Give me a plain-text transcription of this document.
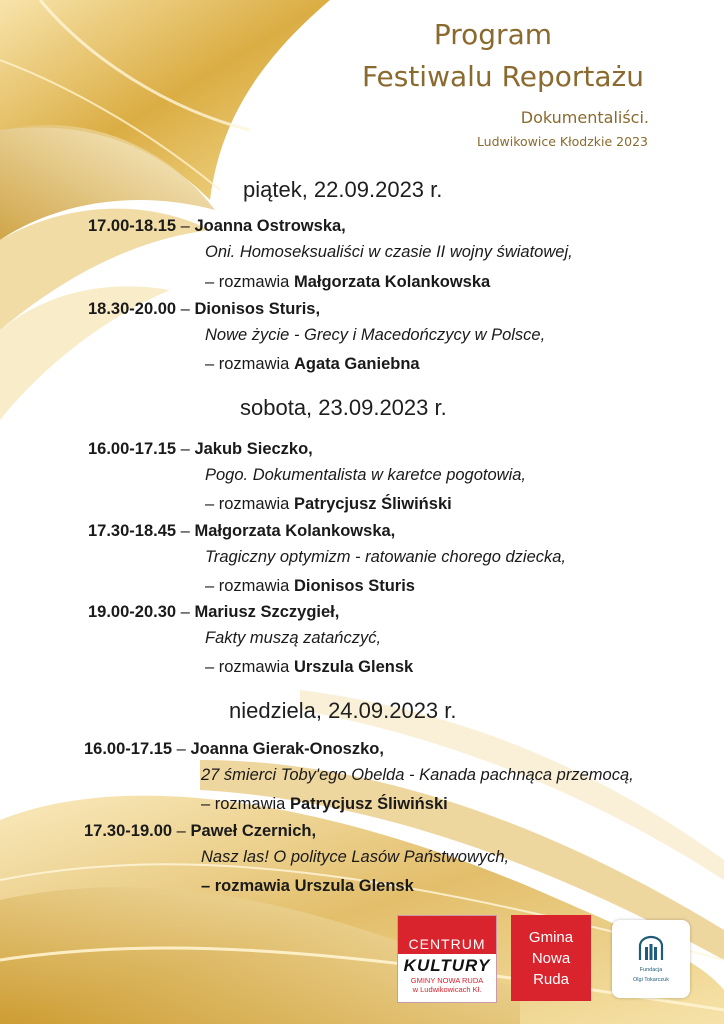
Program
Festiwalu Reportażu
Dokumentaliści.
Ludwikowice Kłodzkie 2023
piątek, 22.09.2023 r.
17.00-18.15 – Joanna Ostrowska,
Oni. Homoseksualiści w czasie II wojny światowej,
– rozmawia Małgorzata Kolankowska
18.30-20.00 – Dionisos Sturis,
Nowe życie - Grecy i Macedończycy w Polsce,
– rozmawia Agata Ganiebna
sobota, 23.09.2023 r.
16.00-17.15 – Jakub Sieczko,
Pogo. Dokumentalista w karetce pogotowia,
– rozmawia Patrycjusz Śliwiński
17.30-18.45 – Małgorzata Kolankowska,
Tragiczny optymizm - ratowanie chorego dziecka,
– rozmawia Dionisos Sturis
19.00-20.30 – Mariusz Szczygieł,
Fakty muszą zatańczyć,
– rozmawia Urszula Glensk
niedziela, 24.09.2023 r.
16.00-17.15 – Joanna Gierak-Onoszko,
27 śmierci Toby'ego Obelda - Kanada pachnąca przemocą,
– rozmawia Patrycjusz Śliwiński
17.30-19.00 – Paweł Czernich,
Nasz las! O polityce Lasów Państwowych,
– rozmawia Urszula Glensk
CENTRUM
KULTURY
GMINY NOWA RUDA
w Ludwikowicach Kł.
Gmina
Nowa
Ruda
Fundacja
Olgi Tokarczuk
